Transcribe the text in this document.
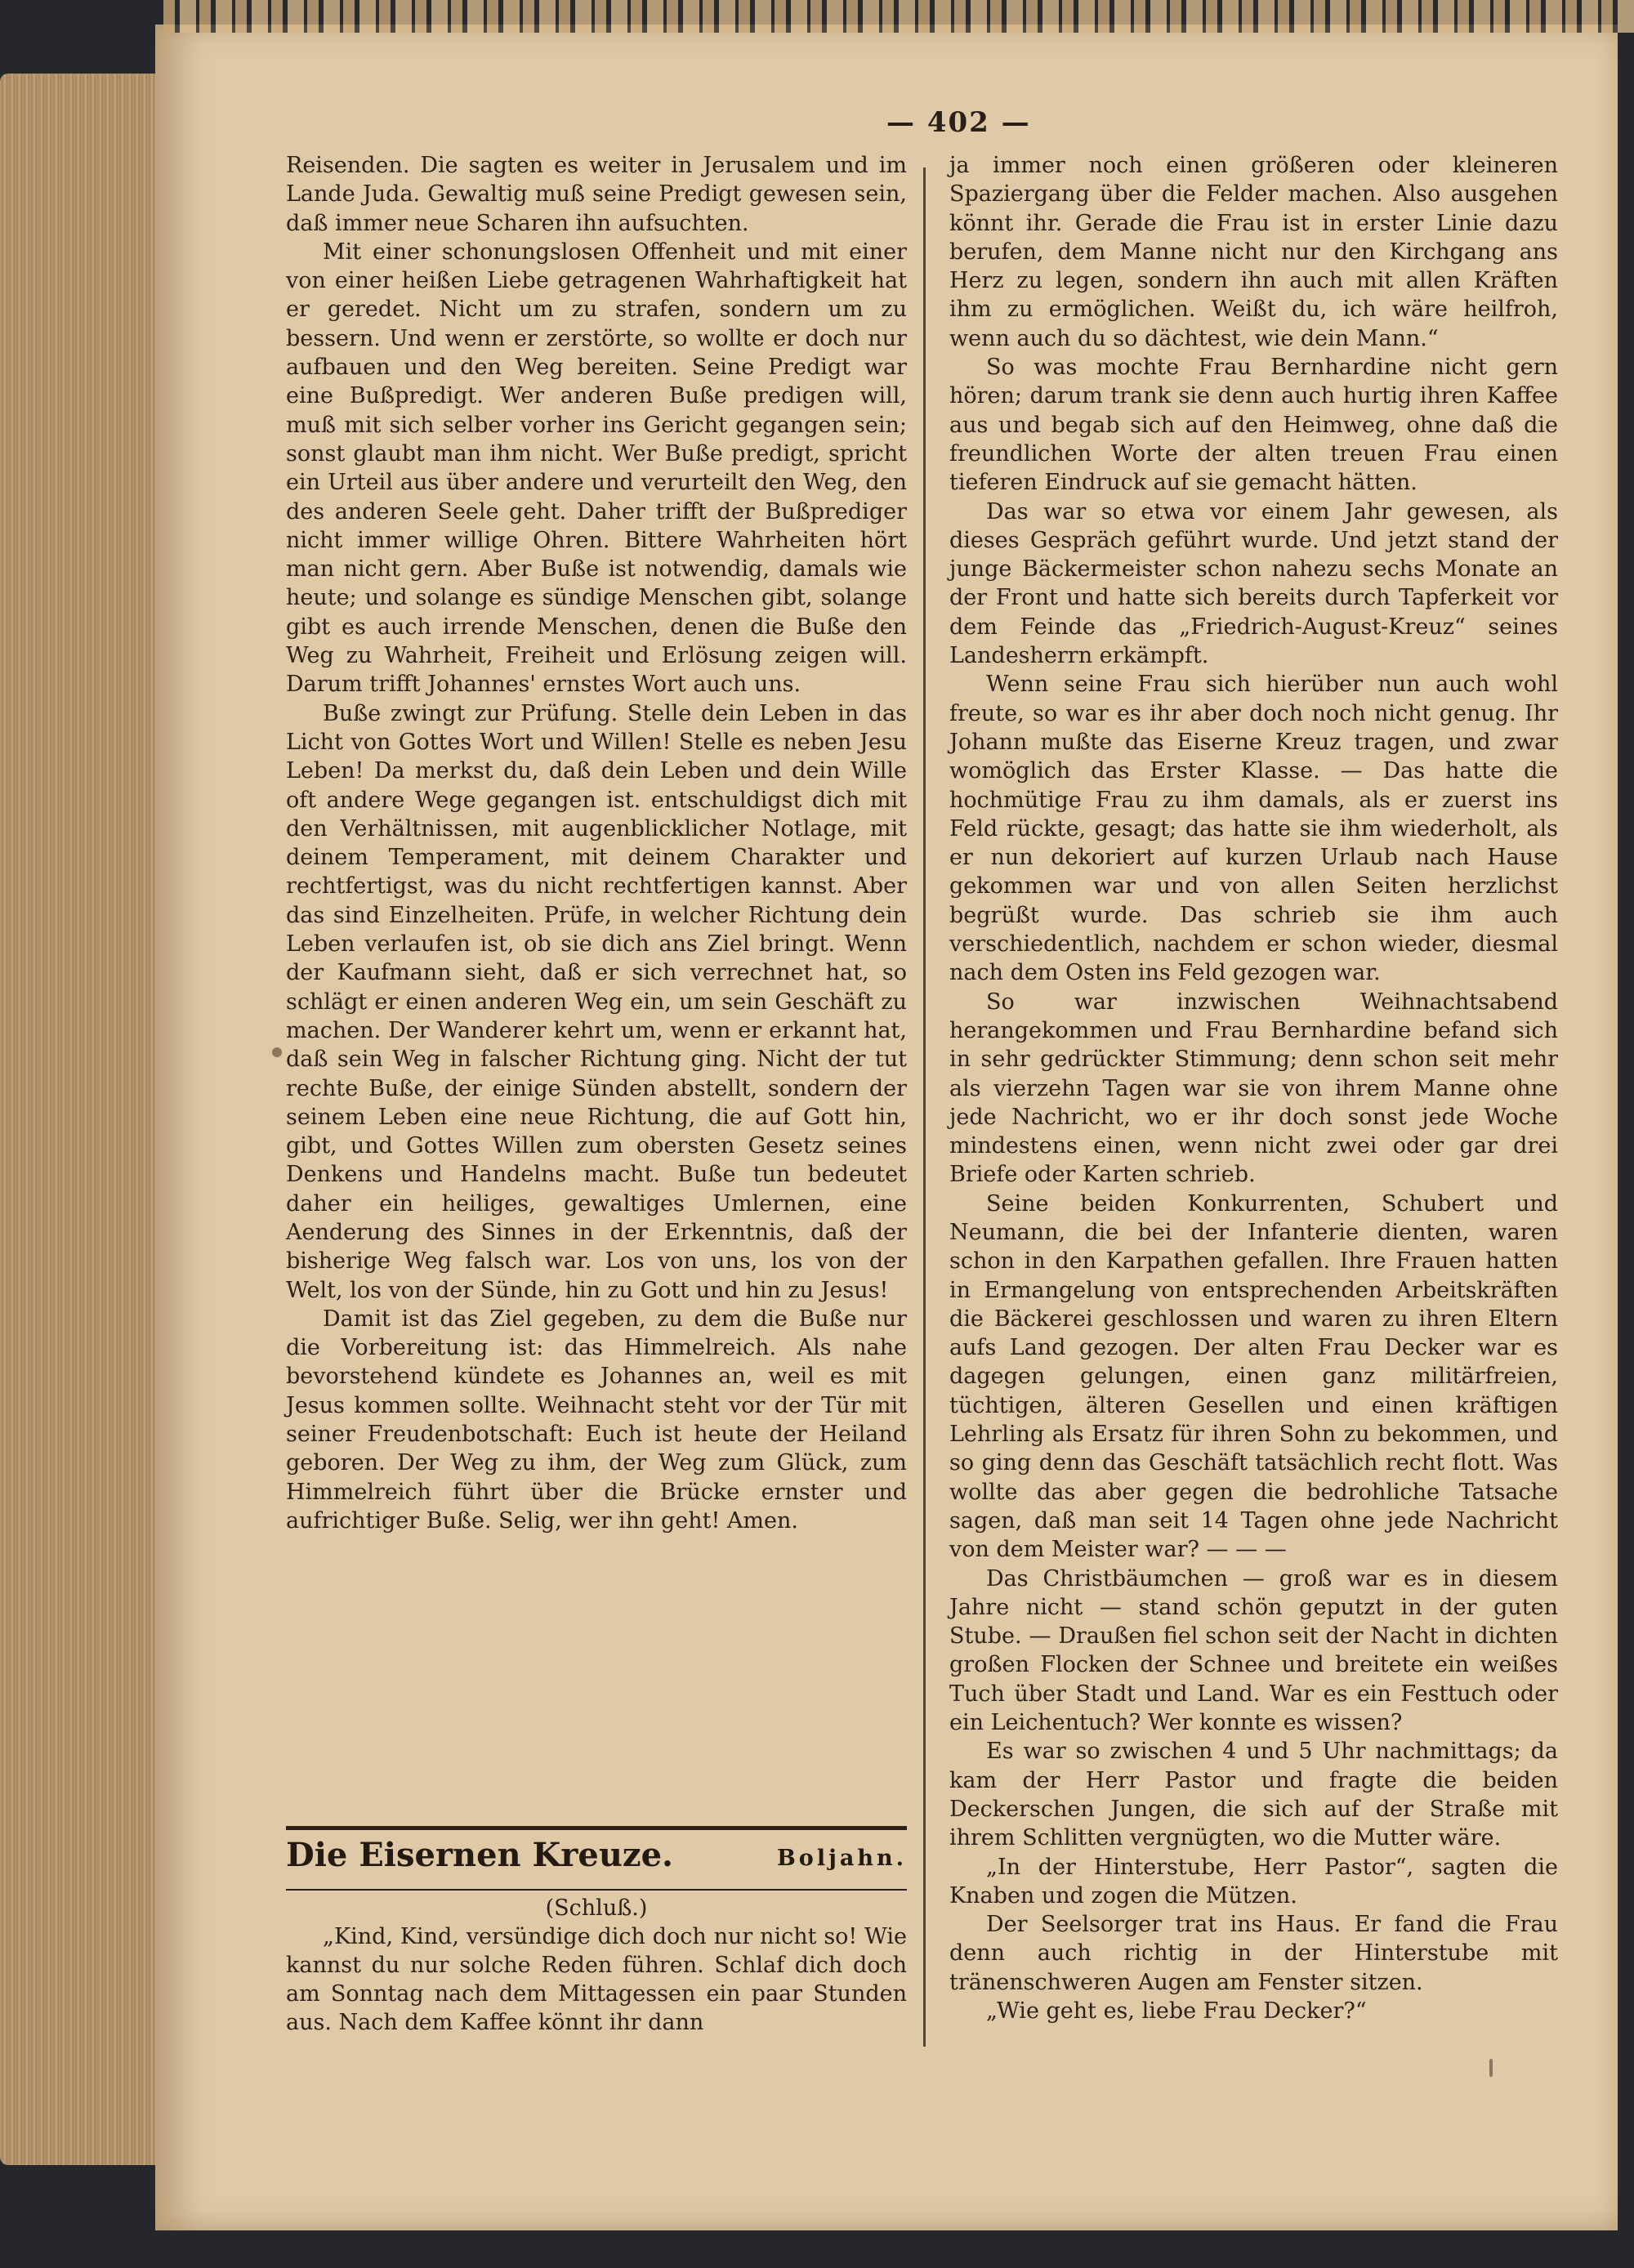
— 402 —

Reisenden. Die sagten es weiter in Jerusalem und im Lande Juda. Gewaltig muß seine Predigt gewesen sein, daß immer neue Scharen ihn aufsuchten.

Mit einer schonungslosen Offenheit und mit einer von einer heißen Liebe getragenen Wahrhaftigkeit hat er geredet. Nicht um zu strafen, sondern um zu bessern. Und wenn er zerstörte, so wollte er doch nur aufbauen und den Weg bereiten. Seine Predigt war eine Bußpredigt. Wer anderen Buße predigen will, muß mit sich selber vorher ins Gericht gegangen sein; sonst glaubt man ihm nicht. Wer Buße predigt, spricht ein Urteil aus über andere und verurteilt den Weg, den des anderen Seele geht. Daher trifft der Bußprediger nicht immer willige Ohren. Bittere Wahrheiten hört man nicht gern. Aber Buße ist notwendig, damals wie heute; und solange es sündige Menschen gibt, solange gibt es auch irrende Menschen, denen die Buße den Weg zu Wahrheit, Freiheit und Erlösung zeigen will. Darum trifft Johannes' ernstes Wort auch uns.

Buße zwingt zur Prüfung. Stelle dein Leben in das Licht von Gottes Wort und Willen! Stelle es neben Jesu Leben! Da merkst du, daß dein Leben und dein Wille oft andere Wege gegangen ist. entschuldigst dich mit den Verhältnissen, mit augenblicklicher Notlage, mit deinem Temperament, mit deinem Charakter und rechtfertigst, was du nicht rechtfertigen kannst. Aber das sind Einzelheiten. Prüfe, in welcher Richtung dein Leben verlaufen ist, ob sie dich ans Ziel bringt. Wenn der Kaufmann sieht, daß er sich verrechnet hat, so schlägt er einen anderen Weg ein, um sein Geschäft zu machen. Der Wanderer kehrt um, wenn er erkannt hat, daß sein Weg in falscher Richtung ging. Nicht der tut rechte Buße, der einige Sünden abstellt, sondern der seinem Leben eine neue Richtung, die auf Gott hin, gibt, und Gottes Willen zum obersten Gesetz seines Denkens und Handelns macht. Buße tun bedeutet daher ein heiliges, gewaltiges Umlernen, eine Aenderung des Sinnes in der Erkenntnis, daß der bisherige Weg falsch war. Los von uns, los von der Welt, los von der Sünde, hin zu Gott und hin zu Jesus!

Damit ist das Ziel gegeben, zu dem die Buße nur die Vorbereitung ist: das Himmelreich. Als nahe bevorstehend kündete es Johannes an, weil es mit Jesus kommen sollte. Weihnacht steht vor der Tür mit seiner Freudenbotschaft: Euch ist heute der Heiland geboren. Der Weg zu ihm, der Weg zum Glück, zum Himmelreich führt über die Brücke ernster und aufrichtiger Buße. Selig, wer ihn geht! Amen.

Die Eisernen Kreuze.	Boljahn.

(Schluß.)

„Kind, Kind, versündige dich doch nur nicht so! Wie kannst du nur solche Reden führen. Schlaf dich doch am Sonntag nach dem Mittagessen ein paar Stunden aus. Nach dem Kaffee könnt ihr dann

ja immer noch einen größeren oder kleineren Spaziergang über die Felder machen. Also ausgehen könnt ihr. Gerade die Frau ist in erster Linie dazu berufen, dem Manne nicht nur den Kirchgang ans Herz zu legen, sondern ihn auch mit allen Kräften ihm zu ermöglichen. Weißt du, ich wäre heilfroh, wenn auch du so dächtest, wie dein Mann.“

So was mochte Frau Bernhardine nicht gern hören; darum trank sie denn auch hurtig ihren Kaffee aus und begab sich auf den Heimweg, ohne daß die freundlichen Worte der alten treuen Frau einen tieferen Eindruck auf sie gemacht hätten.

Das war so etwa vor einem Jahr gewesen, als dieses Gespräch geführt wurde. Und jetzt stand der junge Bäckermeister schon nahezu sechs Monate an der Front und hatte sich bereits durch Tapferkeit vor dem Feinde das „Friedrich-August-Kreuz“ seines Landesherrn erkämpft.

Wenn seine Frau sich hierüber nun auch wohl freute, so war es ihr aber doch noch nicht genug. Ihr Johann mußte das Eiserne Kreuz tragen, und zwar womöglich das Erster Klasse. — Das hatte die hochmütige Frau zu ihm damals, als er zuerst ins Feld rückte, gesagt; das hatte sie ihm wiederholt, als er nun dekoriert auf kurzen Urlaub nach Hause gekommen war und von allen Seiten herzlichst begrüßt wurde. Das schrieb sie ihm auch verschiedentlich, nachdem er schon wieder, diesmal nach dem Osten ins Feld gezogen war.

So war inzwischen Weihnachtsabend herangekommen und Frau Bernhardine befand sich in sehr gedrückter Stimmung; denn schon seit mehr als vierzehn Tagen war sie von ihrem Manne ohne jede Nachricht, wo er ihr doch sonst jede Woche mindestens einen, wenn nicht zwei oder gar drei Briefe oder Karten schrieb.

Seine beiden Konkurrenten, Schubert und Neumann, die bei der Infanterie dienten, waren schon in den Karpathen gefallen. Ihre Frauen hatten in Ermangelung von entsprechenden Arbeitskräften die Bäckerei geschlossen und waren zu ihren Eltern aufs Land gezogen. Der alten Frau Decker war es dagegen gelungen, einen ganz militärfreien, tüchtigen, älteren Gesellen und einen kräftigen Lehrling als Ersatz für ihren Sohn zu bekommen, und so ging denn das Geschäft tatsächlich recht flott. Was wollte das aber gegen die bedrohliche Tatsache sagen, daß man seit 14 Tagen ohne jede Nachricht von dem Meister war? — — —

Das Christbäumchen — groß war es in diesem Jahre nicht — stand schön geputzt in der guten Stube. — Draußen fiel schon seit der Nacht in dichten großen Flocken der Schnee und breitete ein weißes Tuch über Stadt und Land. War es ein Festtuch oder ein Leichentuch? Wer konnte es wissen?

Es war so zwischen 4 und 5 Uhr nachmittags; da kam der Herr Pastor und fragte die beiden Deckerschen Jungen, die sich auf der Straße mit ihrem Schlitten vergnügten, wo die Mutter wäre.

„In der Hinterstube, Herr Pastor“, sagten die Knaben und zogen die Mützen.

Der Seelsorger trat ins Haus. Er fand die Frau denn auch richtig in der Hinterstube mit tränenschweren Augen am Fenster sitzen.

„Wie geht es, liebe Frau Decker?“
